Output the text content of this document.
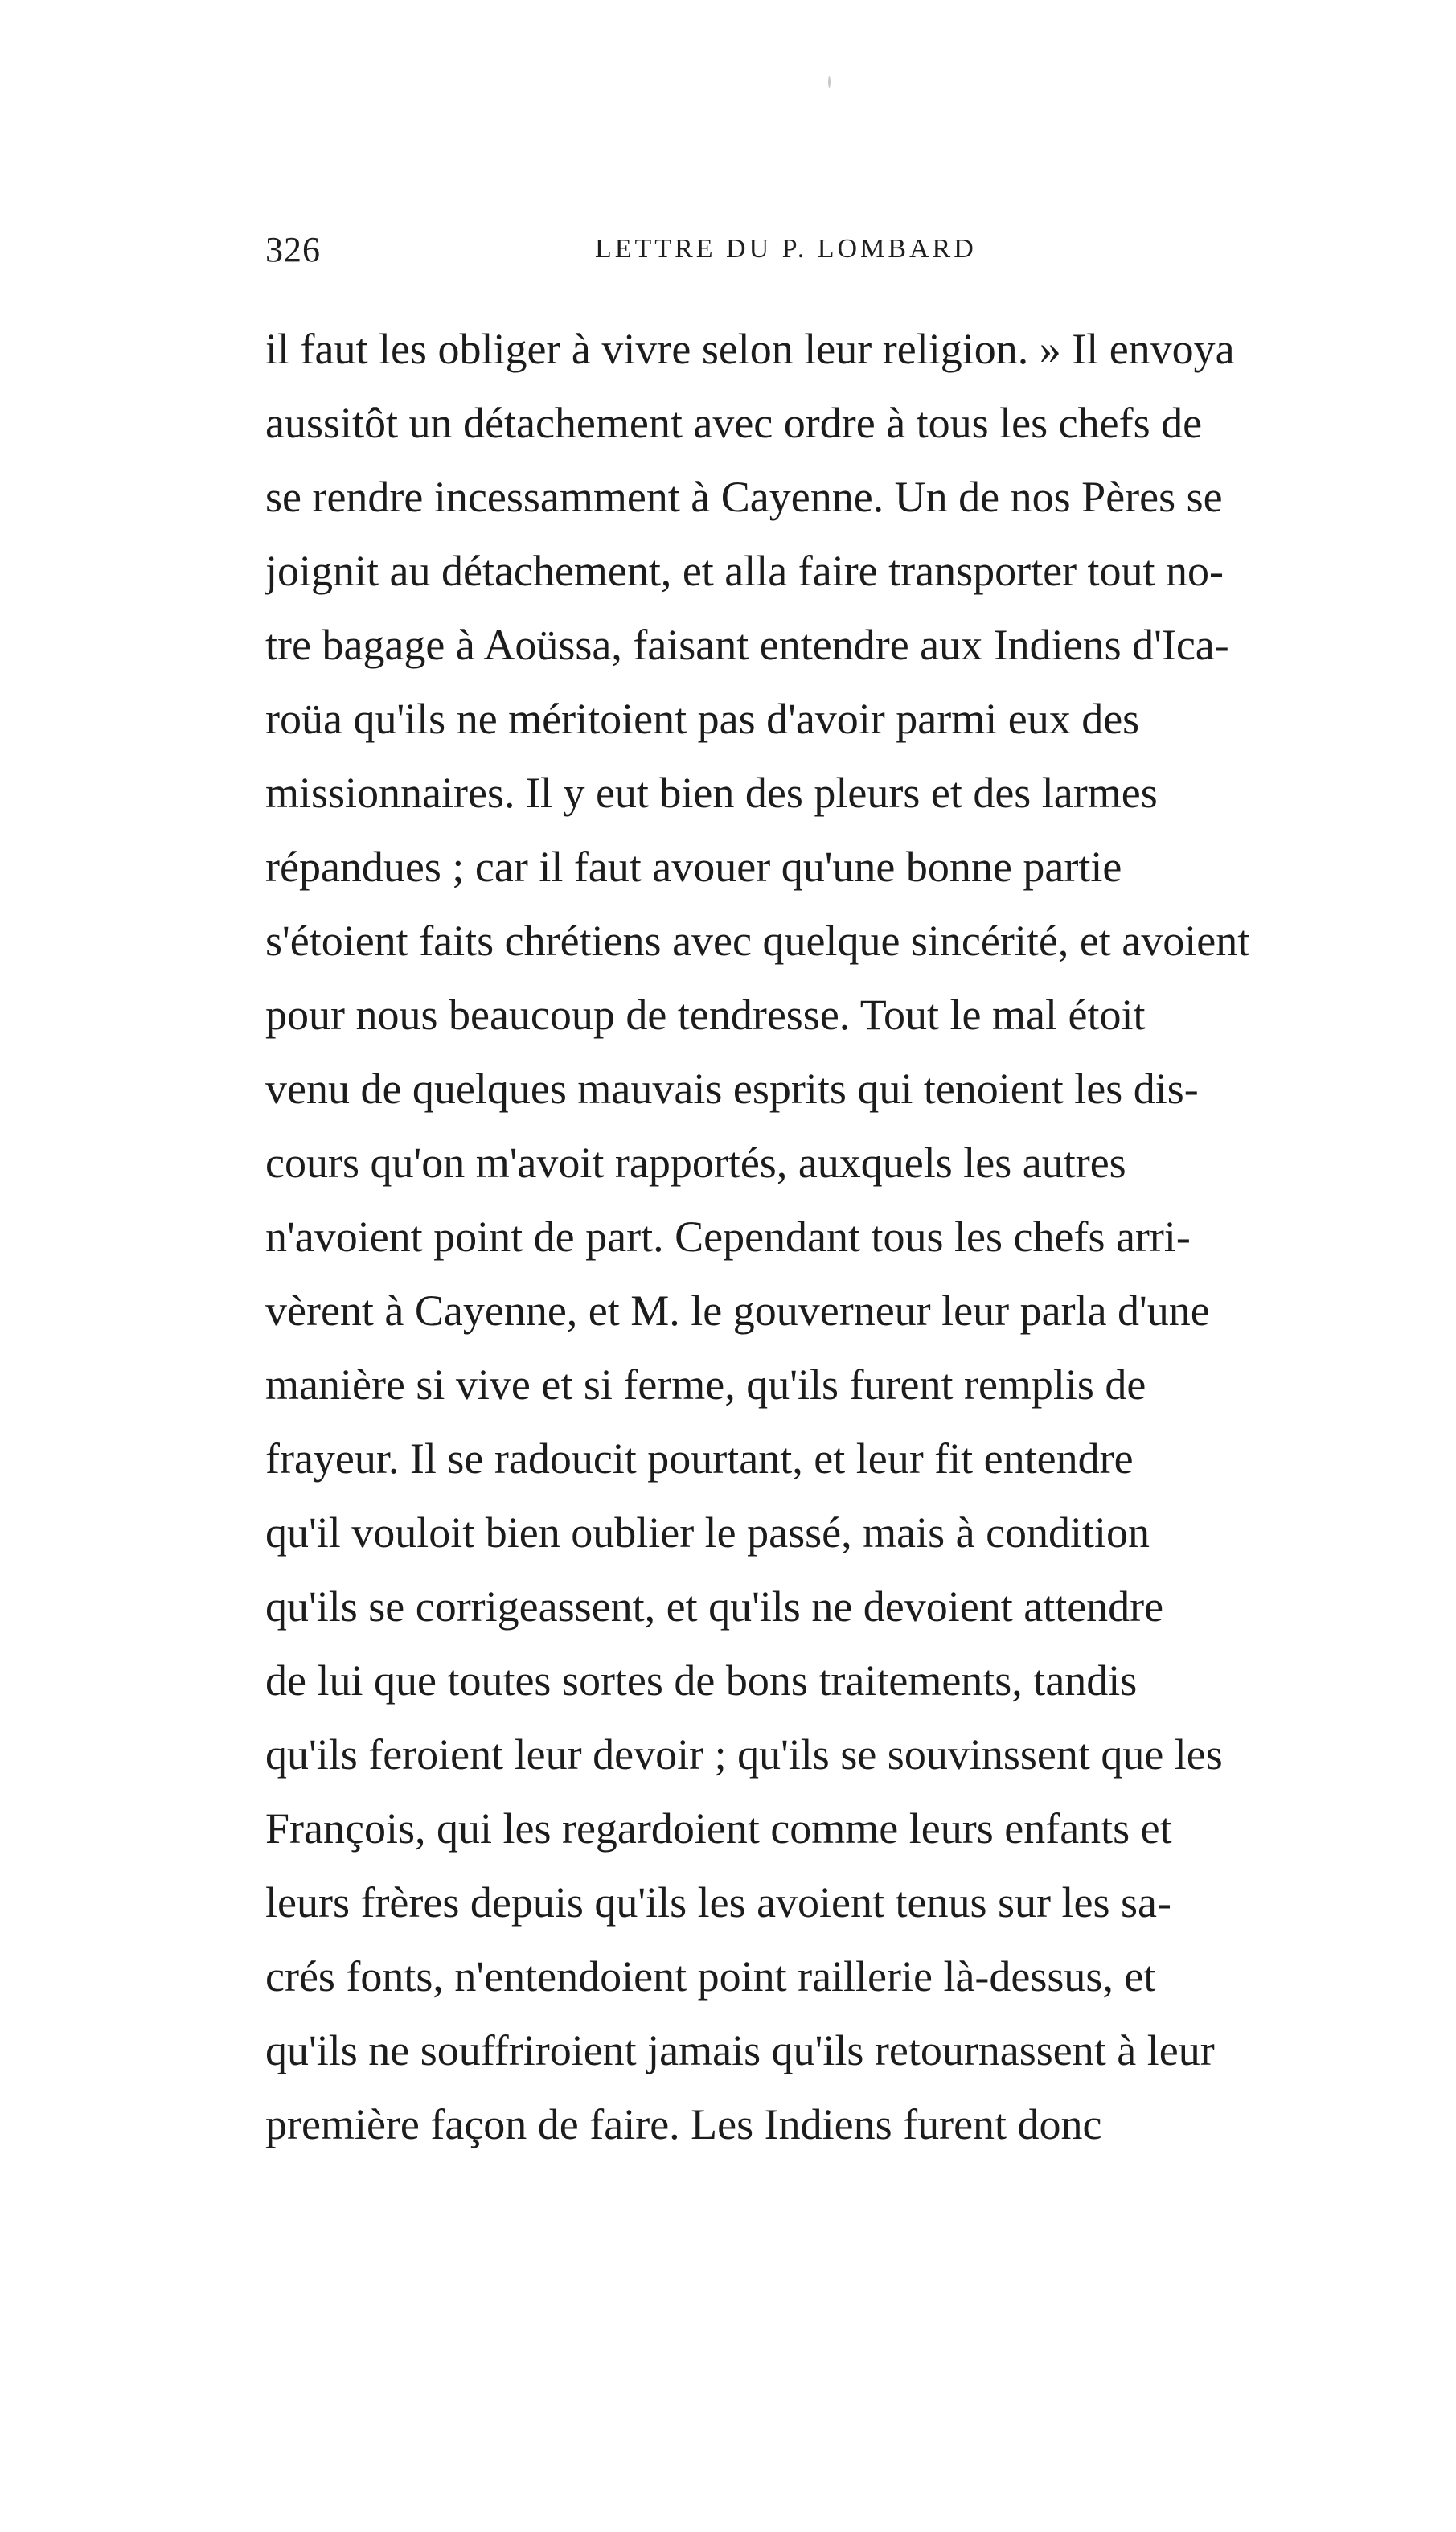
326	LETTRE DU P. LOMBARD
il faut les obliger à vivre selon leur religion. » Il envoya
aussitôt un détachement avec ordre à tous les chefs de
se rendre incessamment à Cayenne. Un de nos Pères se
joignit au détachement, et alla faire transporter tout no-
tre bagage à Aoüssa, faisant entendre aux Indiens d'Ica-
roüa qu'ils ne méritoient pas d'avoir parmi eux des
missionnaires. Il y eut bien des pleurs et des larmes
répandues ; car il faut avouer qu'une bonne partie
s'étoient faits chrétiens avec quelque sincérité, et avoient
pour nous beaucoup de tendresse. Tout le mal étoit
venu de quelques mauvais esprits qui tenoient les dis-
cours qu'on m'avoit rapportés, auxquels les autres
n'avoient point de part. Cependant tous les chefs arri-
vèrent à Cayenne, et M. le gouverneur leur parla d'une
manière si vive et si ferme, qu'ils furent remplis de
frayeur. Il se radoucit pourtant, et leur fit entendre
qu'il vouloit bien oublier le passé, mais à condition
qu'ils se corrigeassent, et qu'ils ne devoient attendre
de lui que toutes sortes de bons traitements, tandis
qu'ils feroient leur devoir ; qu'ils se souvinssent que les
François, qui les regardoient comme leurs enfants et
leurs frères depuis qu'ils les avoient tenus sur les sa-
crés fonts, n'entendoient point raillerie là-dessus, et
qu'ils ne souffriroient jamais qu'ils retournassent à leur
première façon de faire. Les Indiens furent donc
